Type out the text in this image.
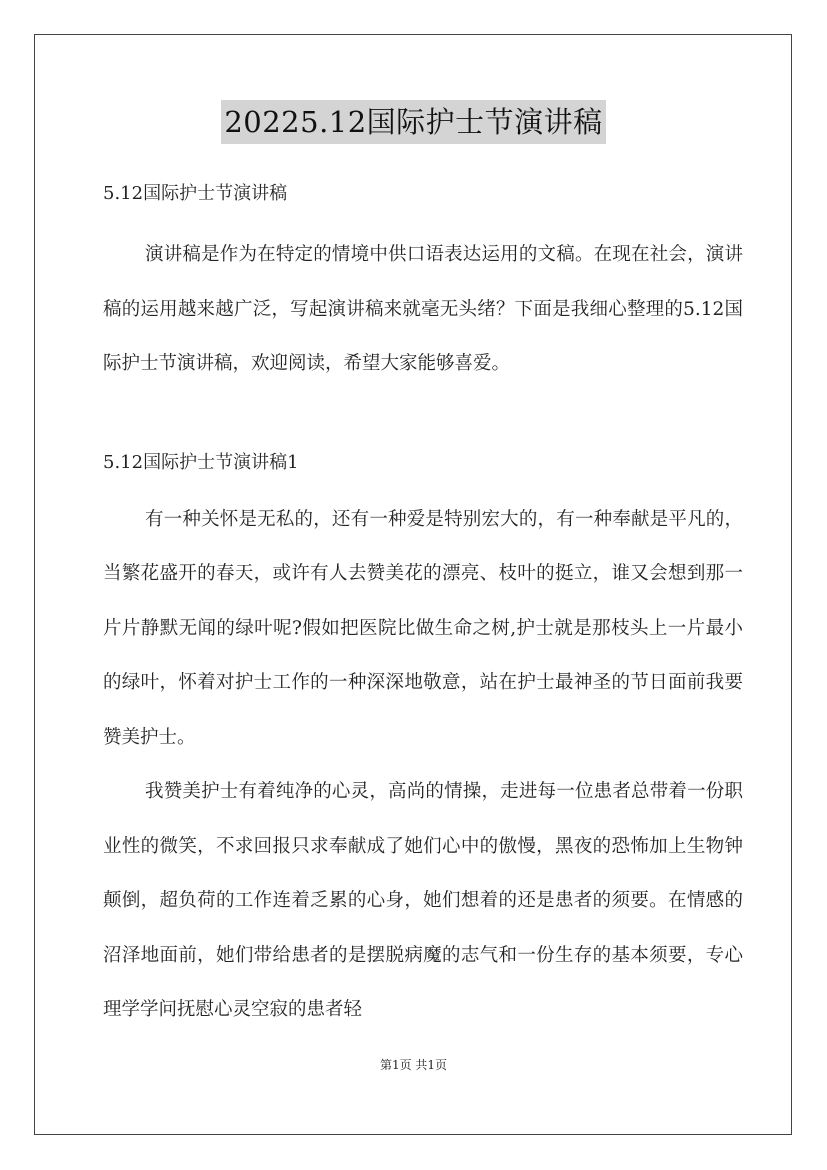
20225.12国际护士节演讲稿

5.12国际护士节演讲稿

演讲稿是作为在特定的情境中供口语表达运用的文稿。在现在社会，演讲稿的运用越来越广泛，写起演讲稿来就毫无头绪？下面是我细心整理的5.12国际护士节演讲稿，欢迎阅读，希望大家能够喜爱。

5.12国际护士节演讲稿1

有一种关怀是无私的，还有一种爱是特别宏大的，有一种奉献是平凡的，当繁花盛开的春天，或许有人去赞美花的漂亮、枝叶的挺立，谁又会想到那一片片静默无闻的绿叶呢?假如把医院比做生命之树,护士就是那枝头上一片最小的绿叶，怀着对护士工作的一种深深地敬意，站在护士最神圣的节日面前我要赞美护士。

我赞美护士有着纯净的心灵，高尚的情操，走进每一位患者总带着一份职业性的微笑，不求回报只求奉献成了她们心中的傲慢，黑夜的恐怖加上生物钟颠倒，超负荷的工作连着乏累的心身，她们想着的还是患者的须要。在情感的沼泽地面前，她们带给患者的是摆脱病魔的志气和一份生存的基本须要，专心理学学问抚慰心灵空寂的患者轻

第1页 共1页
